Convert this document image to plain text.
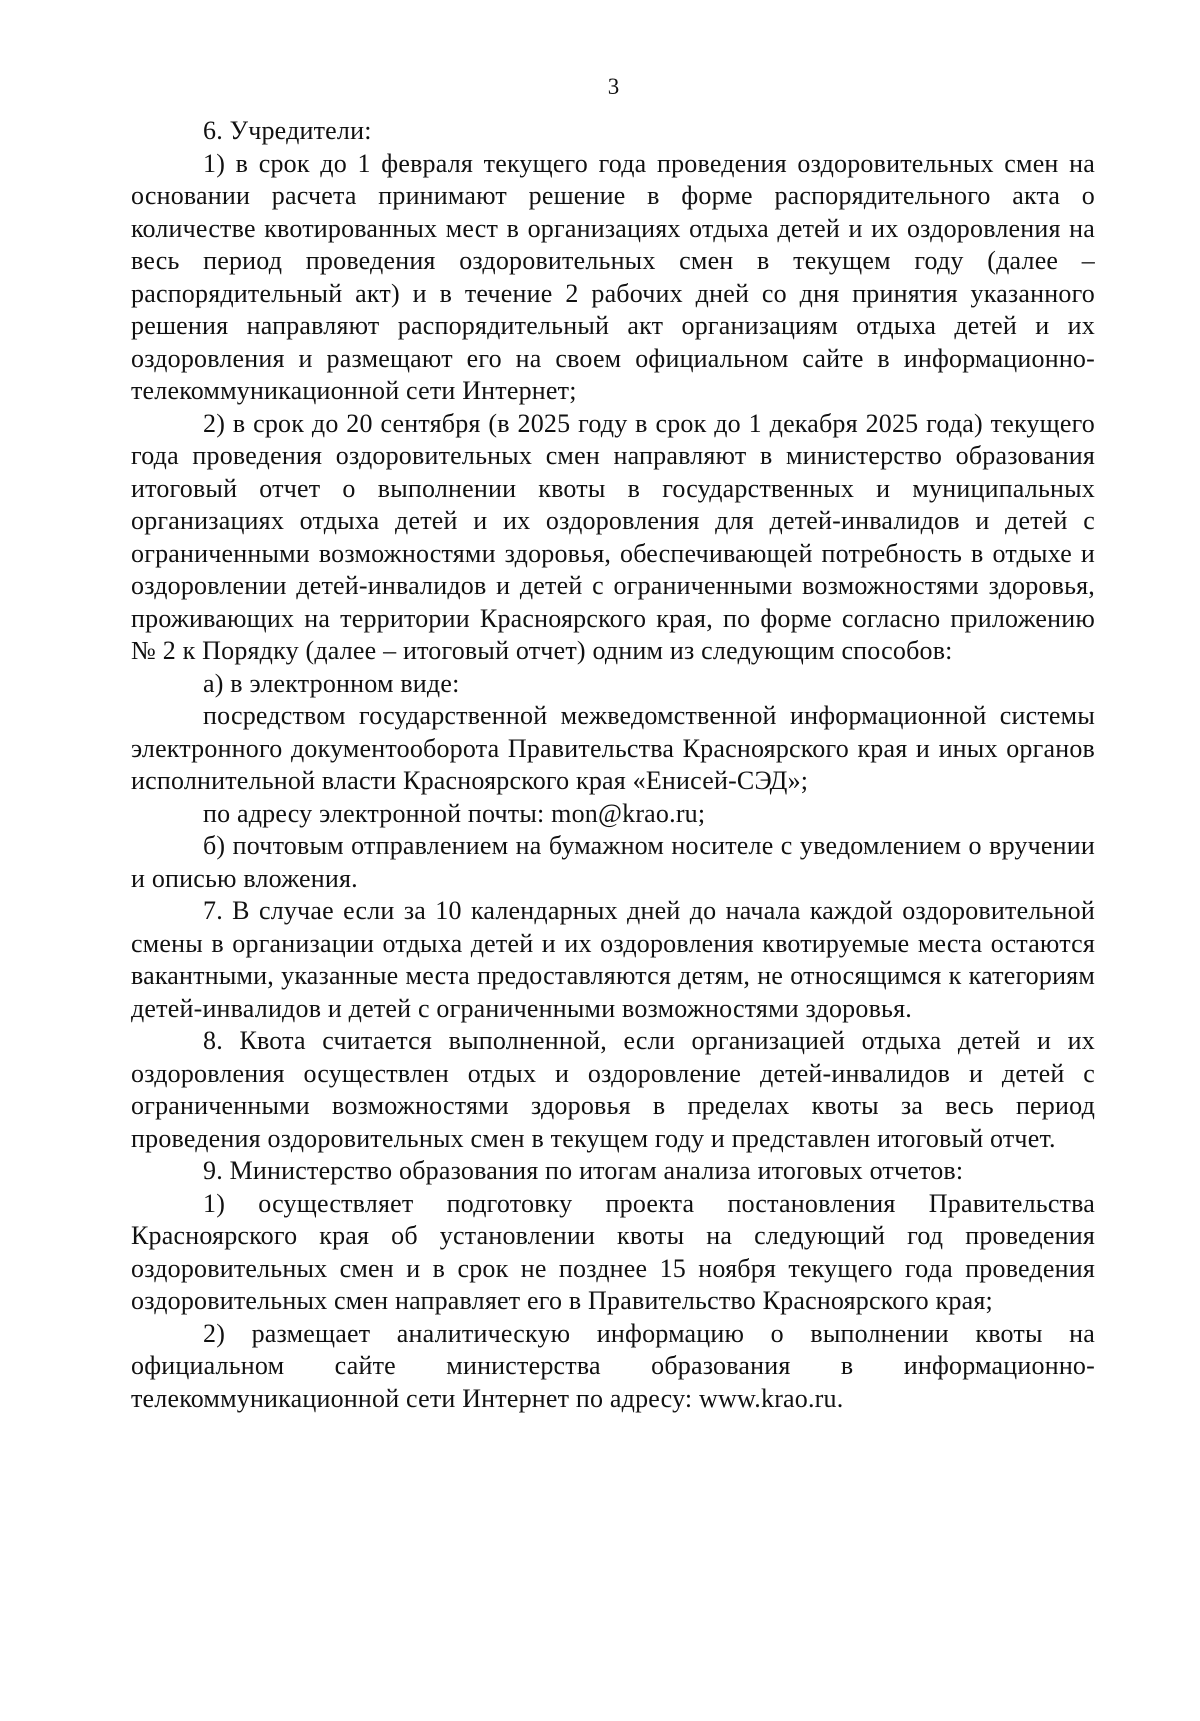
3

6. Учредители:

1) в срок до 1 февраля текущего года проведения оздоровительных смен на основании расчета принимают решение в форме распорядительного акта о количестве квотированных мест в организациях отдыха детей и их оздоровления на весь период проведения оздоровительных смен в текущем году (далее – распорядительный акт) и в течение 2 рабочих дней со дня принятия указанного решения направляют распорядительный акт организациям отдыха детей и их оздоровления и размещают его на своем официальном сайте в информационно-телекоммуникационной сети Интернет;

2) в срок до 20 сентября (в 2025 году в срок до 1 декабря 2025 года) текущего года проведения оздоровительных смен направляют в министерство образования итоговый отчет о выполнении квоты в государственных и муниципальных организациях отдыха детей и их оздоровления для детей-инвалидов и детей с ограниченными возможностями здоровья, обеспечивающей потребность в отдыхе и оздоровлении детей-инвалидов и детей с ограниченными возможностями здоровья, проживающих на территории Красноярского края, по форме согласно приложению № 2 к Порядку (далее – итоговый отчет) одним из следующим способов:

а) в электронном виде:

посредством государственной межведомственной информационной системы электронного документооборота Правительства Красноярского края и иных органов исполнительной власти Красноярского края «Енисей-СЭД»;

по адресу электронной почты: mon@krao.ru;

б) почтовым отправлением на бумажном носителе с уведомлением о вручении и описью вложения.

7. В случае если за 10 календарных дней до начала каждой оздоровительной смены в организации отдыха детей и их оздоровления квотируемые места остаются вакантными, указанные места предоставляются детям, не относящимся к категориям детей-инвалидов и детей с ограниченными возможностями здоровья.

8. Квота считается выполненной, если организацией отдыха детей и их оздоровления осуществлен отдых и оздоровление детей-инвалидов и детей с ограниченными возможностями здоровья в пределах квоты за весь период проведения оздоровительных смен в текущем году и представлен итоговый отчет.

9. Министерство образования по итогам анализа итоговых отчетов:

1) осуществляет подготовку проекта постановления Правительства Красноярского края об установлении квоты на следующий год проведения оздоровительных смен и в срок не позднее 15 ноября текущего года проведения оздоровительных смен направляет его в Правительство Красноярского края;

2) размещает аналитическую информацию о выполнении квоты на официальном сайте министерства образования в информационно-телекоммуникационной сети Интернет по адресу: www.krao.ru.
